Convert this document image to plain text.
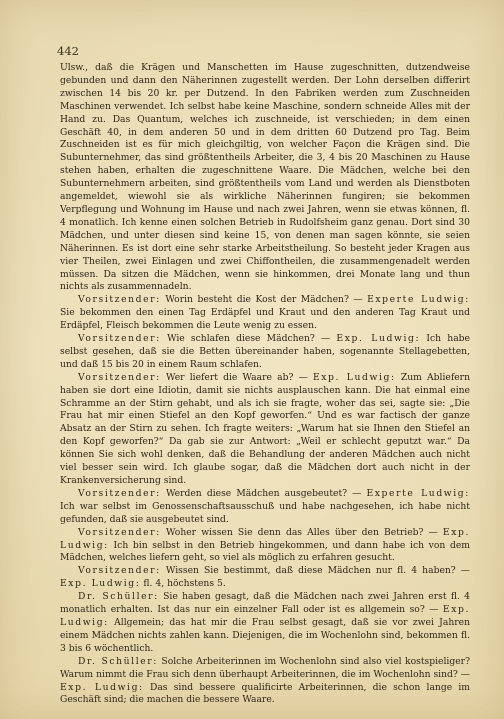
442

Ulsw., daß die Krägen und Manschetten im Hause zugeschnitten, dutzendweise gebunden und dann den Näherinnen zugestellt werden. Der Lohn derselben differirt zwischen 14 bis 20 kr. per Dutzend. In den Fabriken werden zum Zuschneiden Maschinen verwendet. Ich selbst habe keine Maschine, sondern schneide Alles mit der Hand zu. Das Quantum, welches ich zuschneide, ist verschieden; in dem einen Geschäft 40, in dem anderen 50 und in dem dritten 60 Dutzend pro Tag. Beim Zuschneiden ist es für mich gleichgiltig, von welcher Façon die Krägen sind. Die Subunternehmer, das sind größtentheils Arbeiter, die 3, 4 bis 20 Maschinen zu Hause stehen haben, erhalten die zugeschnittene Waare. Die Mädchen, welche bei den Subunternehmern arbeiten, sind größtentheils vom Land und werden als Dienstboten angemeldet, wiewohl sie als wirkliche Näherinnen fungiren; sie bekommen Verpflegung und Wohnung im Hause und nach zwei Jahren, wenn sie etwas können, fl. 4 monatlich. Ich kenne einen solchen Betrieb in Rudolfsheim ganz genau. Dort sind 30 Mädchen, und unter diesen sind keine 15, von denen man sagen könnte, sie seien Näherinnen. Es ist dort eine sehr starke Arbeitstheilung. So besteht jeder Kragen aus vier Theilen, zwei Einlagen und zwei Chiffontheilen, die zusammengenadelt werden müssen. Da sitzen die Mädchen, wenn sie hinkommen, drei Monate lang und thun nichts als zusammennadeln.

Vorsitzender: Worin besteht die Kost der Mädchen? — Experte Ludwig: Sie bekommen den einen Tag Erdäpfel und Kraut und den anderen Tag Kraut und Erdäpfel, Fleisch bekommen die Leute wenig zu essen.

Vorsitzender: Wie schlafen diese Mädchen? — Exp. Ludwig: Ich habe selbst gesehen, daß sie die Betten übereinander haben, sogenannte Stellagebetten, und daß 15 bis 20 in einem Raum schlafen.

Vorsitzender: Wer liefert die Waare ab? — Exp. Ludwig: Zum Abliefern haben sie dort eine Idiotin, damit sie nichts ausplauschen kann. Die hat einmal eine Schramme an der Stirn gehabt, und als ich sie fragte, woher das sei, sagte sie: „Die Frau hat mir einen Stiefel an den Kopf geworfen.“ Und es war factisch der ganze Absatz an der Stirn zu sehen. Ich fragte weiters: „Warum hat sie Ihnen den Stiefel an den Kopf geworfen?“ Da gab sie zur Antwort: „Weil er schlecht geputzt war.“ Da können Sie sich wohl denken, daß die Behandlung der anderen Mädchen auch nicht viel besser sein wird. Ich glaube sogar, daß die Mädchen dort auch nicht in der Krankenversicherung sind.

Vorsitzender: Werden diese Mädchen ausgebeutet? — Experte Ludwig: Ich war selbst im Genossenschaftsausschuß und habe nachgesehen, ich habe nicht gefunden, daß sie ausgebeutet sind.

Vorsitzender: Woher wissen Sie denn das Alles über den Betrieb? — Exp. Ludwig: Ich bin selbst in den Betrieb hingekommen, und dann habe ich von dem Mädchen, welches liefern geht, so viel als möglich zu erfahren gesucht.

Vorsitzender: Wissen Sie bestimmt, daß diese Mädchen nur fl. 4 haben? — Exp. Ludwig: fl. 4, höchstens 5.

Dr. Schüller: Sie haben gesagt, daß die Mädchen nach zwei Jahren erst fl. 4 monatlich erhalten. Ist das nur ein einzelner Fall oder ist es allgemein so? — Exp. Ludwig: Allgemein; das hat mir die Frau selbst gesagt, daß sie vor zwei Jahren einem Mädchen nichts zahlen kann. Diejenigen, die im Wochenlohn sind, bekommen fl. 3 bis 6 wöchentlich.

Dr. Schüller: Solche Arbeiterinnen im Wochenlohn sind also viel kostspieliger? Warum nimmt die Frau sich denn überhaupt Arbeiterinnen, die im Wochenlohn sind? — Exp. Ludwig: Das sind bessere qualificirte Arbeiterinnen, die schon lange im Geschäft sind; die machen die bessere Waare.
